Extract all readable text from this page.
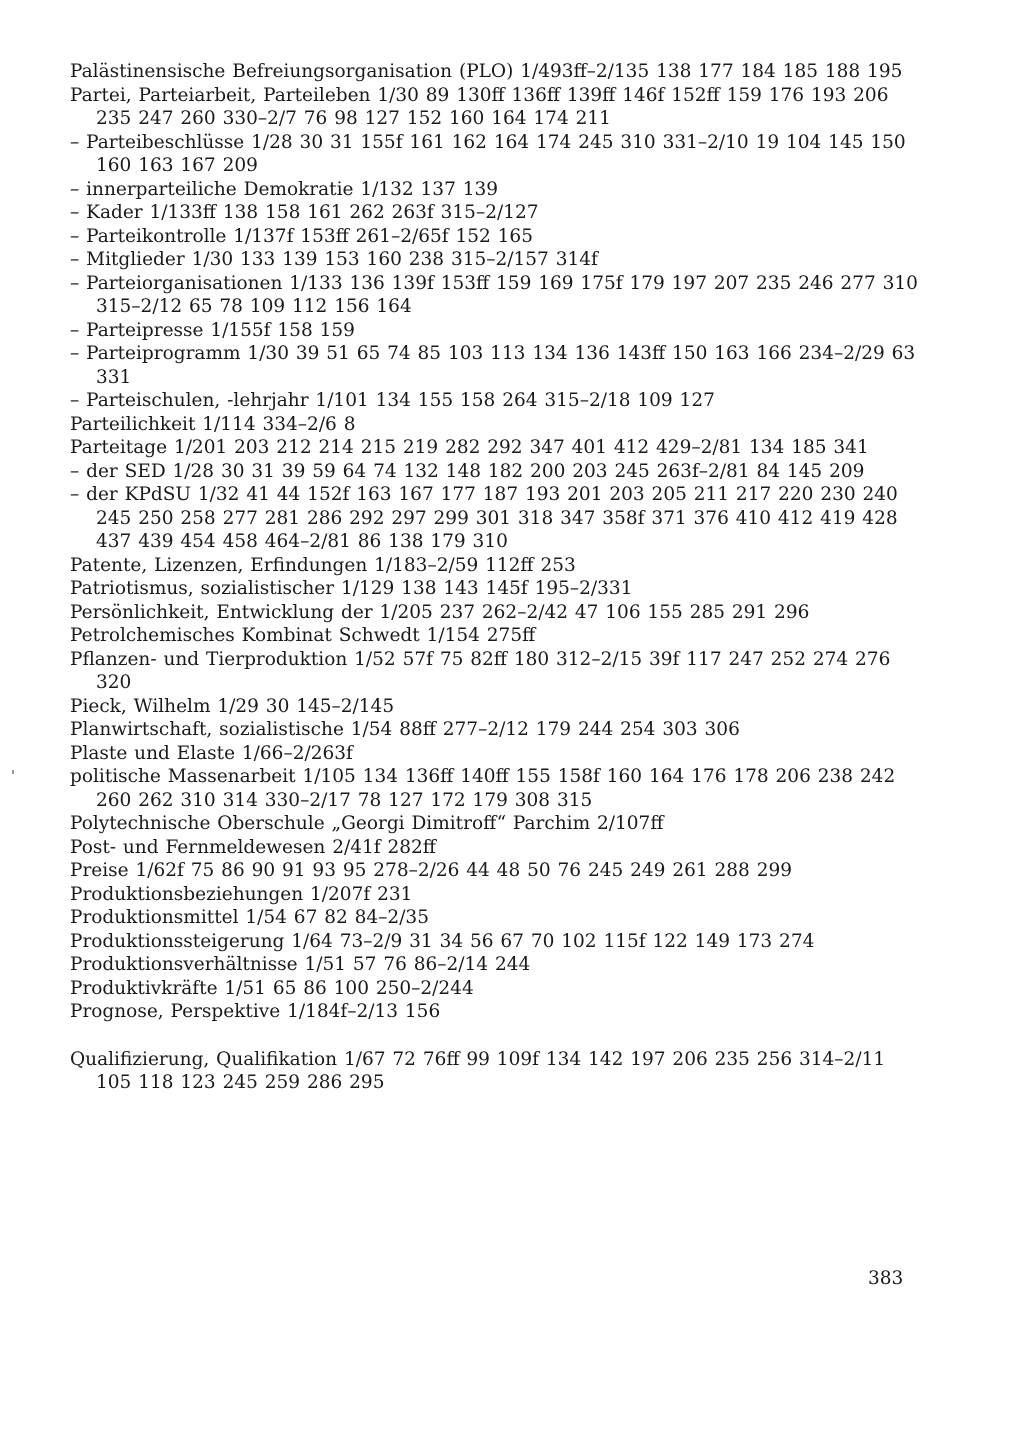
Palästinensische Befreiungsorganisation (PLO) 1/493ff–2/135 138 177 184 185 188 195
Partei, Parteiarbeit, Parteileben 1/30 89 130ff 136ff 139ff 146f 152ff 159 176 193 206 235 247 260 330–2/7 76 98 127 152 160 164 174 211
– Parteibeschlüsse 1/28 30 31 155f 161 162 164 174 245 310 331–2/10 19 104 145 150 160 163 167 209
– innerparteiliche Demokratie 1/132 137 139
– Kader 1/133ff 138 158 161 262 263f 315–2/127
– Parteikontrolle 1/137f 153ff 261–2/65f 152 165
– Mitglieder 1/30 133 139 153 160 238 315–2/157 314f
– Parteiorganisationen 1/133 136 139f 153ff 159 169 175f 179 197 207 235 246 277 310 315–2/12 65 78 109 112 156 164
– Parteipresse 1/155f 158 159
– Parteiprogramm 1/30 39 51 65 74 85 103 113 134 136 143ff 150 163 166 234–2/29 63 331
– Parteischulen, -lehrjahr 1/101 134 155 158 264 315–2/18 109 127
Parteilichkeit 1/114 334–2/6 8
Parteitage 1/201 203 212 214 215 219 282 292 347 401 412 429–2/81 134 185 341
– der SED 1/28 30 31 39 59 64 74 132 148 182 200 203 245 263f–2/81 84 145 209
– der KPdSU 1/32 41 44 152f 163 167 177 187 193 201 203 205 211 217 220 230 240 245 250 258 277 281 286 292 297 299 301 318 347 358f 371 376 410 412 419 428 437 439 454 458 464–2/81 86 138 179 310
Patente, Lizenzen, Erfindungen 1/183–2/59 112ff 253
Patriotismus, sozialistischer 1/129 138 143 145f 195–2/331
Persönlichkeit, Entwicklung der 1/205 237 262–2/42 47 106 155 285 291 296
Petrolchemisches Kombinat Schwedt 1/154 275ff
Pflanzen- und Tierproduktion 1/52 57f 75 82ff 180 312–2/15 39f 117 247 252 274 276 320
Pieck, Wilhelm 1/29 30 145–2/145
Planwirtschaft, sozialistische 1/54 88ff 277–2/12 179 244 254 303 306
Plaste und Elaste 1/66–2/263f
politische Massenarbeit 1/105 134 136ff 140ff 155 158f 160 164 176 178 206 238 242 260 262 310 314 330–2/17 78 127 172 179 308 315
Polytechnische Oberschule „Georgi Dimitroff“ Parchim 2/107ff
Post- und Fernmeldewesen 2/41f 282ff
Preise 1/62f 75 86 90 91 93 95 278–2/26 44 48 50 76 245 249 261 288 299
Produktionsbeziehungen 1/207f 231
Produktionsmittel 1/54 67 82 84–2/35
Produktionssteigerung 1/64 73–2/9 31 34 56 67 70 102 115f 122 149 173 274
Produktionsverhältnisse 1/51 57 76 86–2/14 244
Produktivkräfte 1/51 65 86 100 250–2/244
Prognose, Perspektive 1/184f–2/13 156
Qualifizierung, Qualifikation 1/67 72 76ff 99 109f 134 142 197 206 235 256 314–2/11 105 118 123 245 259 286 295
383
